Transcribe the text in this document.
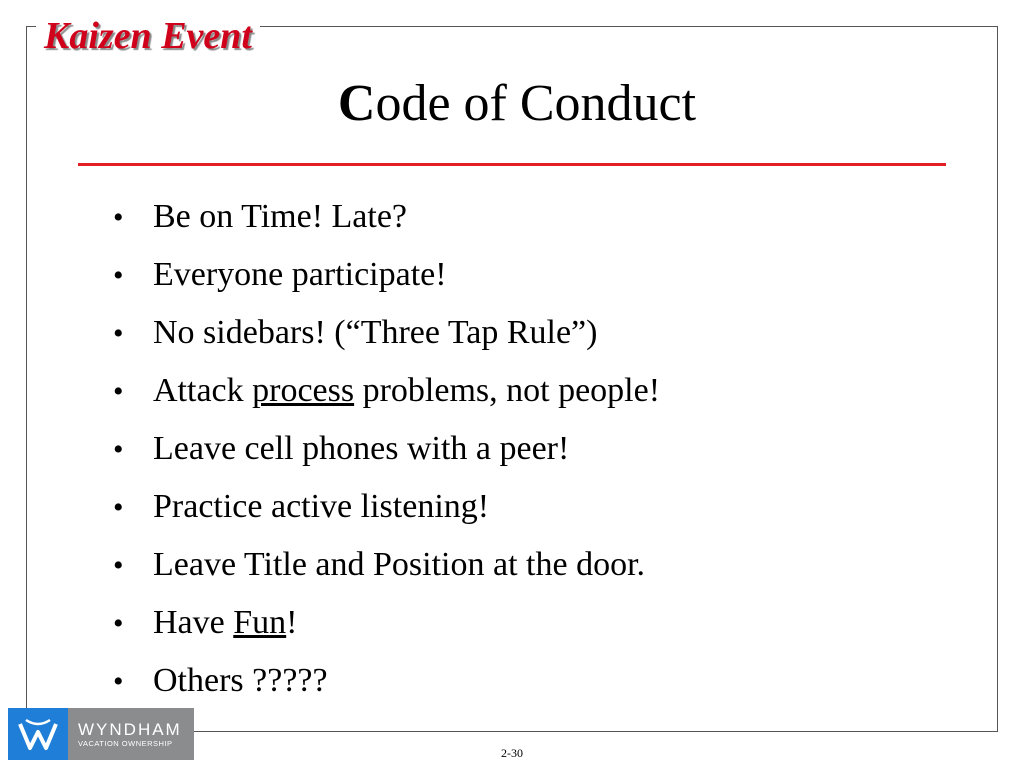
Kaizen Event
Code of Conduct
• Be on Time! Late?
• Everyone participate!
• No sidebars! (“Three Tap Rule”)
• Attack process problems, not people!
• Leave cell phones with a peer!
• Practice active listening!
• Leave Title and Position at the door.
• Have Fun!
• Others ?????
WYNDHAM
VACATION OWNERSHIP
2-30
